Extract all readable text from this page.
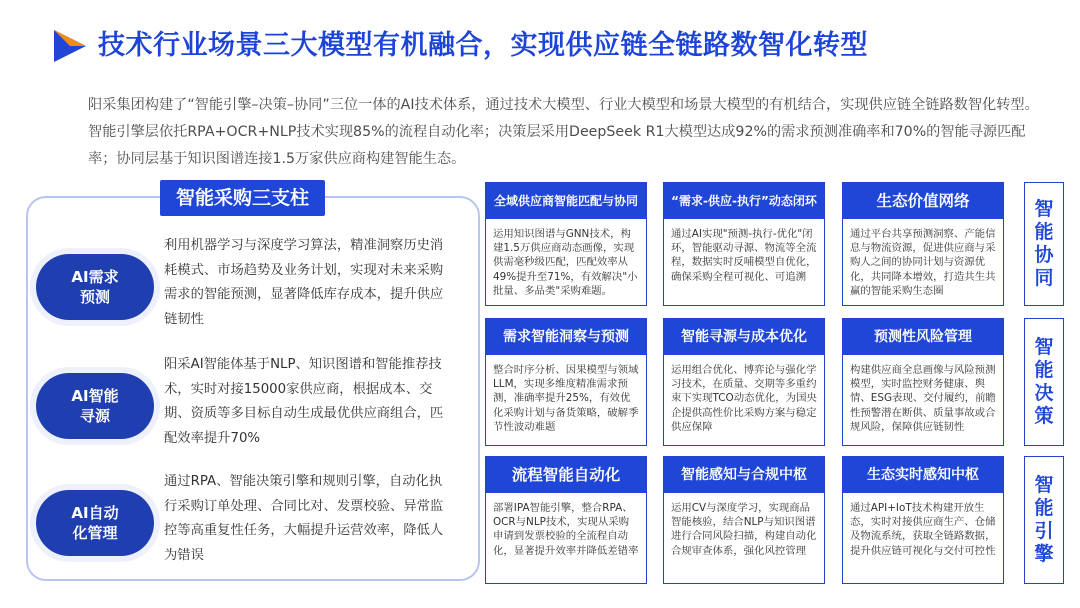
技术行业场景三大模型有机融合，实现供应链全链路数智化转型
阳采集团构建了“智能引擎–决策–协同”三位一体的AI技术体系，通过技术大模型、行业大模型和场景大模型的有机结合，实现供应链全链路数智化转型。智能引擎层依托RPA+OCR+NLP技术实现85%的流程自动化率；决策层采用DeepSeek R1大模型达成92%的需求预测准确率和70%的智能寻源匹配率；协同层基于知识图谱连接1.5万家供应商构建智能生态。
智能采购三支柱
AI需求预测
利用机器学习与深度学习算法，精准洞察历史消耗模式、市场趋势及业务计划，实现对未来采购需求的智能预测，显著降低库存成本，提升供应链韧性
AI智能寻源
阳采AI智能体基于NLP、知识图谱和智能推荐技术，实时对接15000家供应商，根据成本、交期、资质等多目标自动生成最优供应商组合，匹配效率提升70%
AI自动化管理
通过RPA、智能决策引擎和规则引擎，自动化执行采购订单处理、合同比对、发票校验、异常监控等高重复性任务，大幅提升运营效率，降低人为错误
全域供应商智能匹配与协同
运用知识图谱与GNN技术，构建1.5万供应商动态画像，实现供需毫秒级匹配，匹配效率从49%提升至71%，有效解决"小批量、多品类"采购难题。
“需求-供应-执行”动态闭环
通过AI实现"预测-执行-优化"闭环，智能驱动寻源、物流等全流程，数据实时反哺模型自优化，确保采购全程可视化、可追溯
生态价值网络
通过平台共享预测洞察、产能信息与物流资源，促进供应商与采购人之间的协同计划与资源优化，共同降本增效，打造共生共赢的智能采购生态圈
智能协同
需求智能洞察与预测
整合时序分析、因果模型与领域LLM，实现多维度精准需求预测，准确率提升25%，有效优化采购计划与备货策略，破解季节性波动难题
智能寻源与成本优化
运用组合优化、博弈论与强化学习技术，在质量、交期等多重约束下实现TCO动态优化，为国央企提供高性价比采购方案与稳定供应保障
预测性风险管理
构建供应商全息画像与风险预测模型，实时监控财务健康、舆情、ESG表现、交付履约，前瞻性预警潜在断供、质量事故或合规风险，保障供应链韧性
智能决策
流程智能自动化
部署IPA智能引擎，整合RPA、OCR与NLP技术，实现从采购申请到发票校验的全流程自动化，显著提升效率并降低差错率
智能感知与合规中枢
运用CV与深度学习，实现商品智能核验，结合NLP与知识图谱进行合同风险扫描，构建自动化合规审查体系，强化风控管理
生态实时感知中枢
通过API+IoT技术构建开放生态，实时对接供应商生产、仓储及物流系统，获取全链路数据，提升供应链可视化与交付可控性
智能引擎
